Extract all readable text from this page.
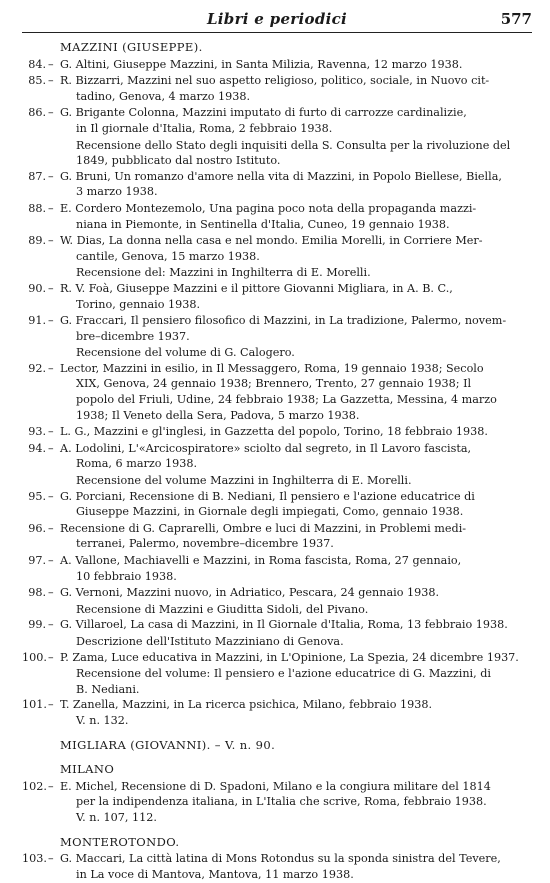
Libri e periodici	577
MAZZINI (GIUSEPPE).
84. – G. Altini, Giuseppe Mazzini, in Santa Milizia, Ravenna, 12 marzo 1938.
85. – R. Bizzarri, Mazzini nel suo aspetto religioso, politico, sociale, in Nuovo cit-
tadino, Genova, 4 marzo 1938.
86. – G. Brigante Colonna, Mazzini imputato di furto di carrozze cardinalizie,
in Il giornale d'Italia, Roma, 2 febbraio 1938.
Recensione dello Stato degli inquisiti della S. Consulta per la rivoluzione del
1849, pubblicato dal nostro Istituto.
87. – G. Bruni, Un romanzo d'amore nella vita di Mazzini, in Popolo Biellese, Biella,
3 marzo 1938.
88. – E. Cordero Montezemolo, Una pagina poco nota della propaganda mazzi-
niana in Piemonte, in Sentinella d'Italia, Cuneo, 19 gennaio 1938.
89. – W. Dias, La donna nella casa e nel mondo. Emilia Morelli, in Corriere Mer-
cantile, Genova, 15 marzo 1938.
Recensione del: Mazzini in Inghilterra di E. Morelli.
90. – R. V. Foà, Giuseppe Mazzini e il pittore Giovanni Migliara, in A. B. C.,
Torino, gennaio 1938.
91. – G. Fraccari, Il pensiero filosofico di Mazzini, in La tradizione, Palermo, novem-
bre–dicembre 1937.
Recensione del volume di G. Calogero.
92. – Lector, Mazzini in esilio, in Il Messaggero, Roma, 19 gennaio 1938; Secolo
XIX, Genova, 24 gennaio 1938; Brennero, Trento, 27 gennaio 1938; Il
popolo del Friuli, Udine, 24 febbraio 1938; La Gazzetta, Messina, 4 marzo
1938; Il Veneto della Sera, Padova, 5 marzo 1938.
93. – L. G., Mazzini e gl'inglesi, in Gazzetta del popolo, Torino, 18 febbraio 1938.
94. – A. Lodolini, L'«Arcicospiratore» sciolto dal segreto, in Il Lavoro fascista,
Roma, 6 marzo 1938.
Recensione del volume Mazzini in Inghilterra di E. Morelli.
95. – G. Porciani, Recensione di B. Nediani, Il pensiero e l'azione educatrice di
Giuseppe Mazzini, in Giornale degli impiegati, Como, gennaio 1938.
96. – Recensione di G. Caprarelli, Ombre e luci di Mazzini, in Problemi medi-
terranei, Palermo, novembre–dicembre 1937.
97. – A. Vallone, Machiavelli e Mazzini, in Roma fascista, Roma, 27 gennaio,
10 febbraio 1938.
98. – G. Vernoni, Mazzini nuovo, in Adriatico, Pescara, 24 gennaio 1938.
Recensione di Mazzini e Giuditta Sidoli, del Pivano.
99. – G. Villaroel, La casa di Mazzini, in Il Giornale d'Italia, Roma, 13 febbraio 1938.
Descrizione dell'Istituto Mazziniano di Genova.
100. – P. Zama, Luce educativa in Mazzini, in L'Opinione, La Spezia, 24 dicembre 1937.
Recensione del volume: Il pensiero e l'azione educatrice di G. Mazzini, di
B. Nediani.
101. – T. Zanella, Mazzini, in La ricerca psichica, Milano, febbraio 1938.
V. n. 132.
MIGLIARA (GIOVANNI). – V. n. 90.
MILANO
102. – E. Michel, Recensione di D. Spadoni, Milano e la congiura militare del 1814
per la indipendenza italiana, in L'Italia che scrive, Roma, febbraio 1938.
V. n. 107, 112.
MONTEROTONDO.
103. – G. Maccari, La città latina di Mons Rotondus su la sponda sinistra del Tevere,
in La voce di Mantova, Mantova, 11 marzo 1938.
